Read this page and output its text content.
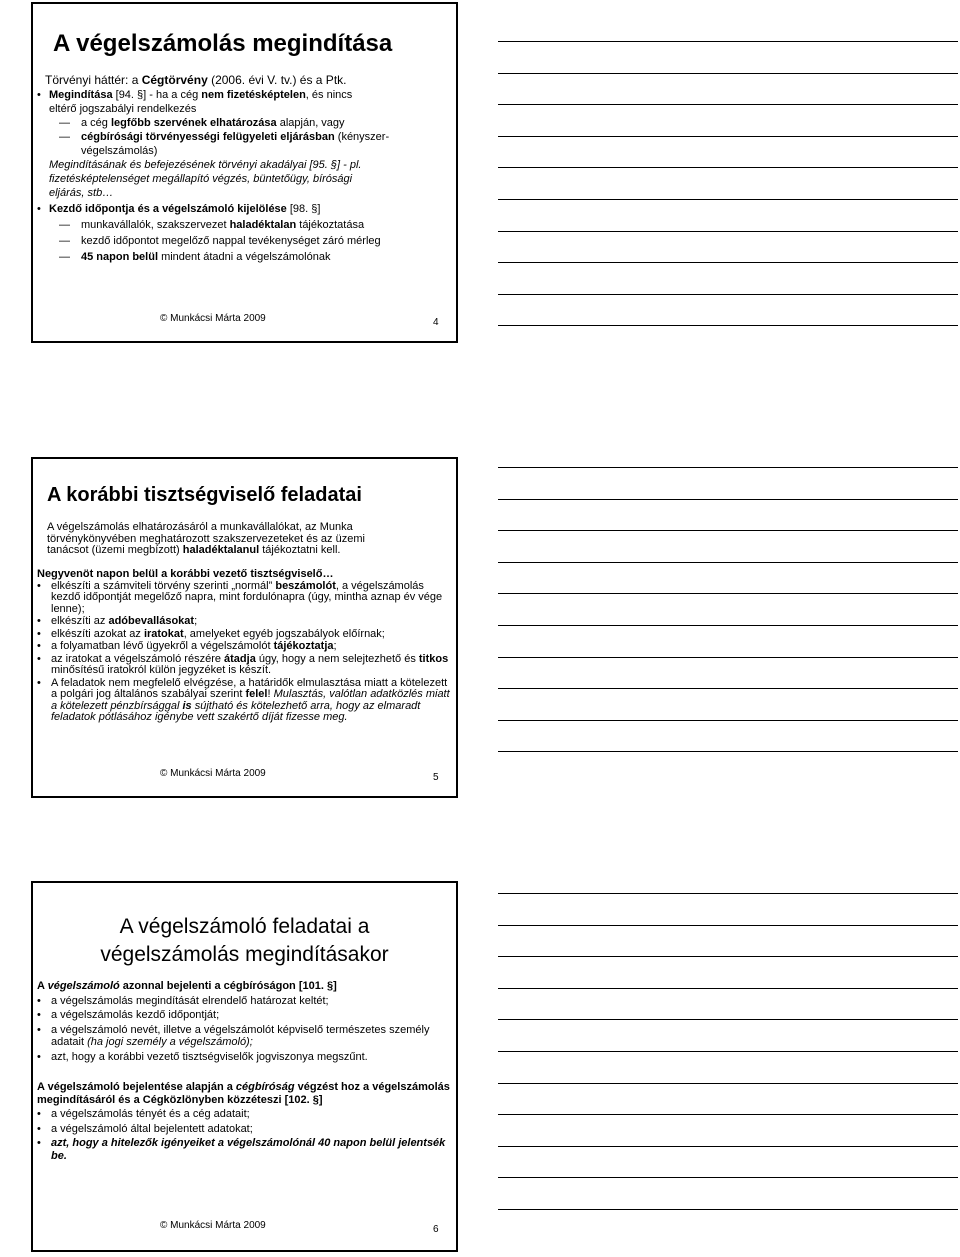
A végelszámolás megindítása

Törvényi háttér: a Cégtörvény (2006. évi V. tv.) és a Ptk.

• Megindítása [94. §] - ha a cég nem fizetésképtelen, és nincs
eltérő jogszabályi rendelkezés
—	a cég legfőbb szervének elhatározása alapján, vagy
—	cégbírósági törvényességi felügyeleti eljárásban (kényszer-
végelszámolás)

Megindításának és befejezésének törvényi akadályai [95. §] - pl.
fizetésképtelenséget megállapító végzés, büntetőügy, bírósági
eljárás, stb…

• Kezdő időpontja és a végelszámoló kijelölése [98. §]
—	munkavállalók, szakszervezet haladéktalan tájékoztatása
—	kezdő időpontot megelőző nappal tevékenységet záró mérleg
—	45 napon belül mindent átadni a végelszámolónak
© Munkácsi Márta 2009	4
A korábbi tisztségviselő feladatai

A végelszámolás elhatározásáról a munkavállalókat, az Munka
törvénykönyvében meghatározott szakszervezeteket és az üzemi
tanácsot (üzemi megbízott) haladéktalanul tájékoztatni kell.

Negyvenöt napon belül a korábbi vezető tisztségviselő…

• elkészíti a számviteli törvény szerinti „normál” beszámolót, a végelszámolás kezdő időpontját megelőző napra, mint fordulónapra (úgy, mintha aznap év vége lenne);
• elkészíti az adóbevallásokat;
• elkészíti azokat az iratokat, amelyeket egyéb jogszabályok előírnak;
• a folyamatban lévő ügyekről a végelszámolót tájékoztatja;
• az iratokat a végelszámoló részére átadja úgy, hogy a nem selejtezhető és titkos minősítésű iratokról külön jegyzéket is készít.
• A feladatok nem megfelelő elvégzése, a határidők elmulasztása miatt a kötelezett a polgári jog általános szabályai szerint felel! Mulasztás, valótlan adatközlés miatt a kötelezett pénzbírsággal is sújtható és kötelezhető arra, hogy az elmaradt feladatok pótlásához igénybe vett szakértő díját fizesse meg.
© Munkácsi Márta 2009	5
A végelszámoló feladatai a
végelszámolás megindításakor

A végelszámoló azonnal bejelenti a cégbíróságon [101. §]

• a végelszámolás megindítását elrendelő határozat keltét;
• a végelszámolás kezdő időpontját;
• a végelszámoló nevét, illetve a végelszámolót képviselő természetes személy adatait (ha jogi személy a végelszámoló);
• azt, hogy a korábbi vezető tisztségviselők jogviszonya megszűnt.

A végelszámoló bejelentése alapján a cégbíróság végzést hoz a végelszámolás megindításáról és a Cégközlönyben közzéteszi [102. §]

• a végelszámolás tényét és a cég adatait;
• a végelszámoló által bejelentett adatokat;
• azt, hogy a hitelezők igényeiket a végelszámolónál 40 napon belül jelentsék be.
© Munkácsi Márta 2009	6
